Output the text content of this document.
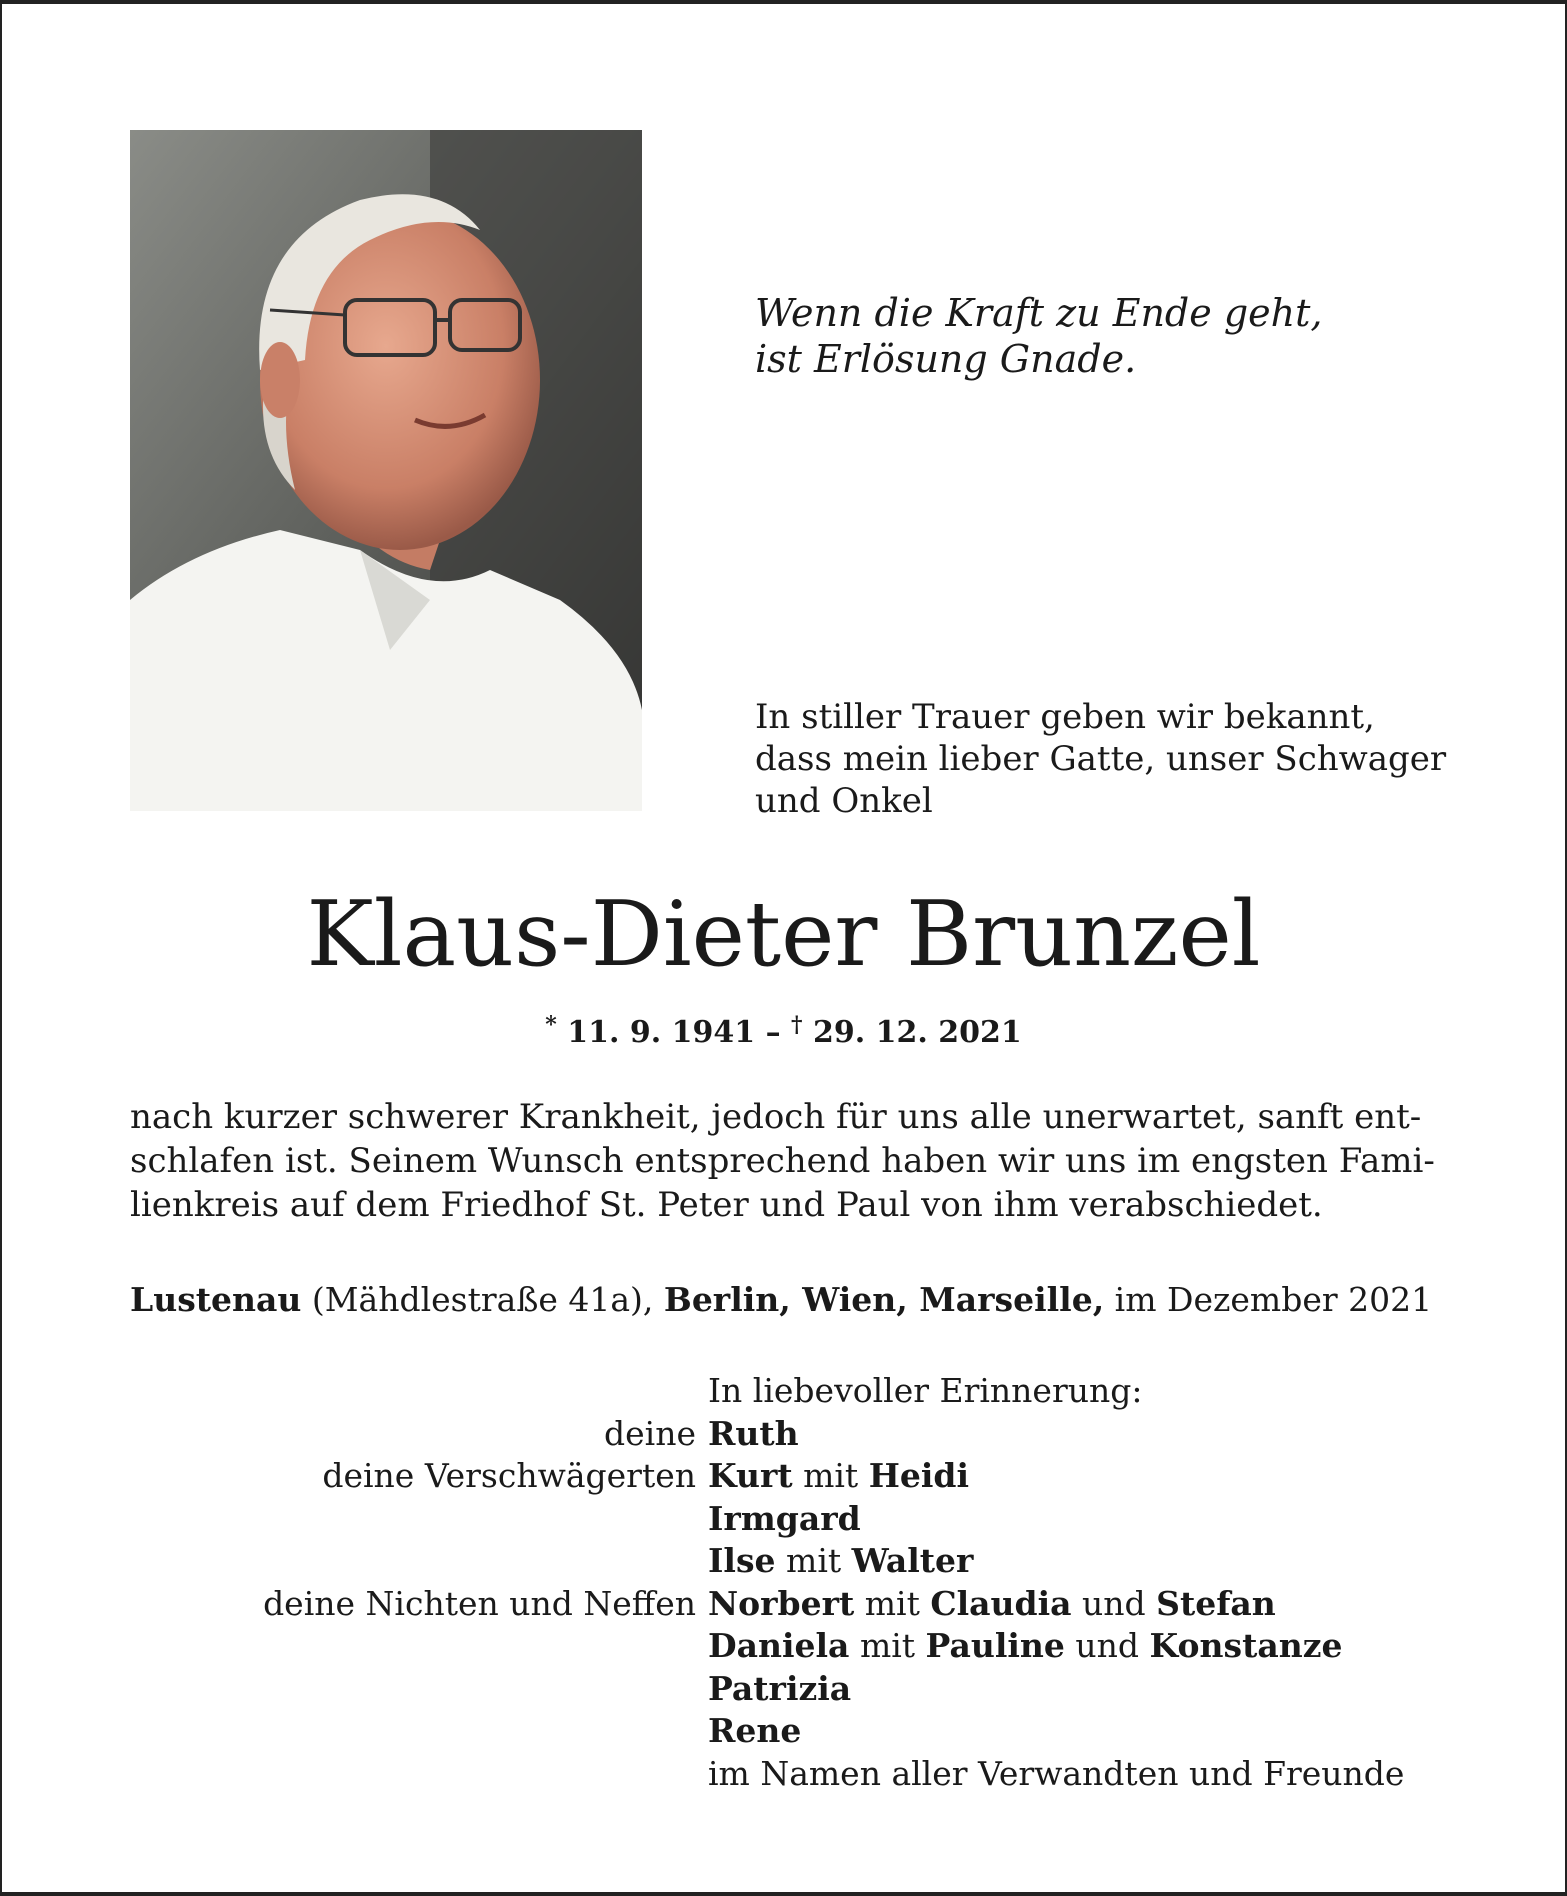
Wenn die Kraft zu Ende geht,
ist Erlösung Gnade.
In stiller Trauer geben wir bekannt, dass mein lieber Gatte, unser Schwager und Onkel
Klaus-Dieter Brunzel
* 11. 9. 1941 – † 29. 12. 2021
nach kurzer schwerer Krankheit, jedoch für uns alle unerwartet, sanft ent-
schlafen ist. Seinem Wunsch entsprechend haben wir uns im engsten Fami-
lienkreis auf dem Friedhof St. Peter und Paul von ihm verabschiedet.
Lustenau (Mähdlestraße 41a), Berlin, Wien, Marseille, im Dezember 2021
In liebevoller Erinnerung:
deine Ruth
deine Verschwägerten Kurt mit Heidi
Irmgard
Ilse mit Walter
deine Nichten und Neffen Norbert mit Claudia und Stefan
Daniela mit Pauline und Konstanze
Patrizia
Rene
im Namen aller Verwandten und Freunde
